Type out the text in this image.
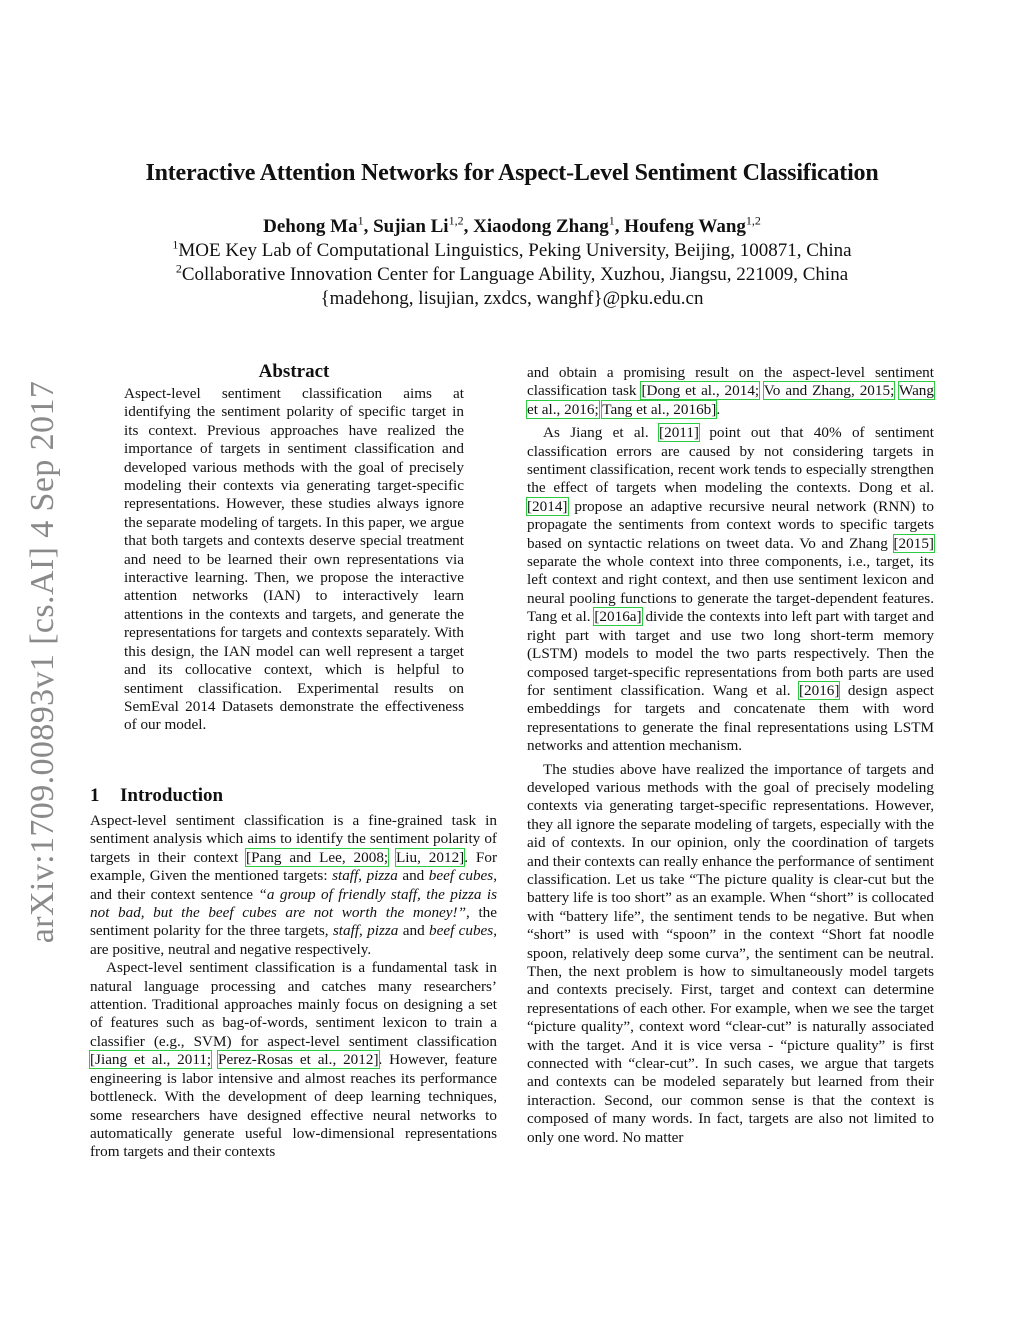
arXiv:1709.00893v1 [cs.AI] 4 Sep 2017
Interactive Attention Networks for Aspect-Level Sentiment Classification
Dehong Ma$^1$, Sujian Li$^{1,2}$, Xiaodong Zhang$^1$, Houfeng Wang$^{1,2}$
$^1$MOE Key Lab of Computational Linguistics, Peking University, Beijing, 100871, China
$^2$Collaborative Innovation Center for Language Ability, Xuzhou, Jiangsu, 221009, China
{madehong, lisujian, zxdcs, wanghf}@pku.edu.cn
Abstract
Aspect-level sentiment classification aims at identifying the sentiment polarity of specific target in its context. Previous approaches have realized the importance of targets in sentiment classification and developed various methods with the goal of precisely modeling their contexts via generating target-specific representations. However, these studies always ignore the separate modeling of targets. In this paper, we argue that both targets and contexts deserve special treatment and need to be learned their own representations via interactive learning. Then, we propose the interactive attention networks (IAN) to interactively learn attentions in the contexts and targets, and generate the representations for targets and contexts separately. With this design, the IAN model can well represent a target and its collocative context, which is helpful to sentiment classification. Experimental results on SemEval 2014 Datasets demonstrate the effectiveness of our model.
1 Introduction

Aspect-level sentiment classification is a fine-grained task in sentiment analysis which aims to identify the sentiment polarity of targets in their context [Pang and Lee, 2008; Liu, 2012]. For example, Given the mentioned targets: staff, pizza and beef cubes, and their context sentence “a group of friendly staff, the pizza is not bad, but the beef cubes are not worth the money!”, the sentiment polarity for the three targets, staff, pizza and beef cubes, are positive, neutral and negative respectively.

Aspect-level sentiment classification is a fundamental task in natural language processing and catches many researchers’ attention. Traditional approaches mainly focus on designing a set of features such as bag-of-words, sentiment lexicon to train a classifier (e.g., SVM) for aspect-level sentiment classification [Jiang et al., 2011; Perez-Rosas et al., 2012]. However, feature engineering is labor intensive and almost reaches its performance bottleneck. With the development of deep learning techniques, some researchers have designed effective neural networks to automatically generate useful low-dimensional representations from targets and their contexts

and obtain a promising result on the aspect-level sentiment classification task [Dong et al., 2014; Vo and Zhang, 2015; Wang et al., 2016; Tang et al., 2016b].

As Jiang et al. [2011] point out that 40% of sentiment classification errors are caused by not considering targets in sentiment classification, recent work tends to especially strengthen the effect of targets when modeling the contexts. Dong et al. [2014] propose an adaptive recursive neural network (RNN) to propagate the sentiments from context words to specific targets based on syntactic relations on tweet data. Vo and Zhang [2015] separate the whole context into three components, i.e., target, its left context and right context, and then use sentiment lexicon and neural pooling functions to generate the target-dependent features. Tang et al. [2016a] divide the contexts into left part with target and right part with target and use two long short-term memory (LSTM) models to model the two parts respectively. Then the composed target-specific representations from both parts are used for sentiment classification. Wang et al. [2016] design aspect embeddings for targets and concatenate them with word representations to generate the final representations using LSTM networks and attention mechanism.

The studies above have realized the importance of targets and developed various methods with the goal of precisely modeling contexts via generating target-specific representations. However, they all ignore the separate modeling of targets, especially with the aid of contexts. In our opinion, only the coordination of targets and their contexts can really enhance the performance of sentiment classification. Let us take “The picture quality is clear-cut but the battery life is too short” as an example. When “short” is collocated with “battery life”, the sentiment tends to be negative. But when “short” is used with “spoon” in the context “Short fat noodle spoon, relatively deep some curva”, the sentiment can be neutral. Then, the next problem is how to simultaneously model targets and contexts precisely. First, target and context can determine representations of each other. For example, when we see the target “picture quality”, context word “clear-cut” is naturally associated with the target. And it is vice versa - “picture quality” is first connected with “clear-cut”. In such cases, we argue that targets and contexts can be modeled separately but learned from their interaction. Second, our common sense is that the context is composed of many words. In fact, targets are also not limited to only one word. No matter
